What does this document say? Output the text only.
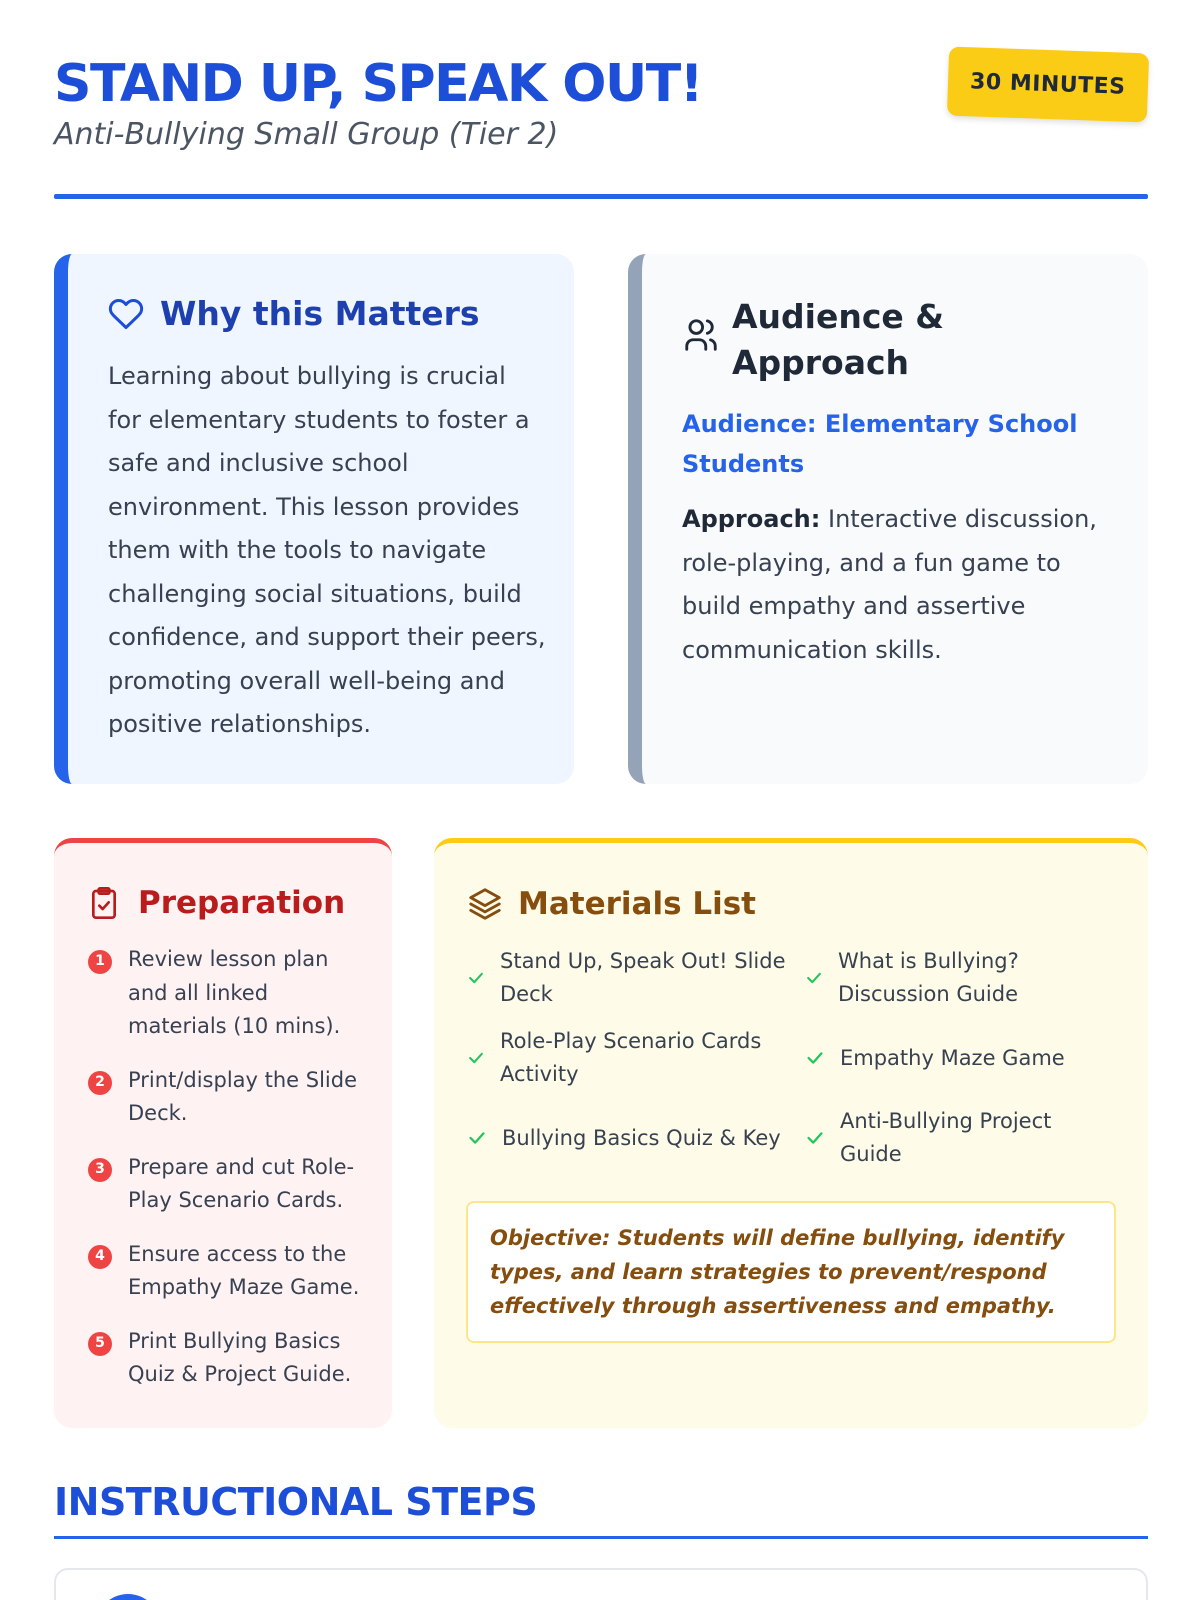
STAND UP, SPEAK OUT!
Anti-Bullying Small Group (Tier 2)
30 MINUTES
Why this Matters

Learning about bullying is crucial for elementary students to foster a safe and inclusive school environment. This lesson provides them with the tools to navigate challenging social situations, build confidence, and support their peers, promoting overall well-being and positive relationships.

Audience & Approach
Audience: Elementary School Students

Approach: Interactive discussion, role-playing, and a fun game to build empathy and assertive communication skills.

Preparation
1	Review lesson plan and all linked materials (10 mins).
2	Print/display the Slide Deck.
3	Prepare and cut Role-Play Scenario Cards.
4	Ensure access to the Empathy Maze Game.
5	Print Bullying Basics Quiz & Project Guide.
Materials List
Stand Up, Speak Out! Slide Deck
What is Bullying? Discussion Guide
Role-Play Scenario Cards Activity
Empathy Maze Game
Bullying Basics Quiz & Key
Anti-Bullying Project Guide
Objective: Students will define bullying, identify types, and learn strategies to prevent/respond effectively through assertiveness and empathy.
INSTRUCTIONAL STEPS
